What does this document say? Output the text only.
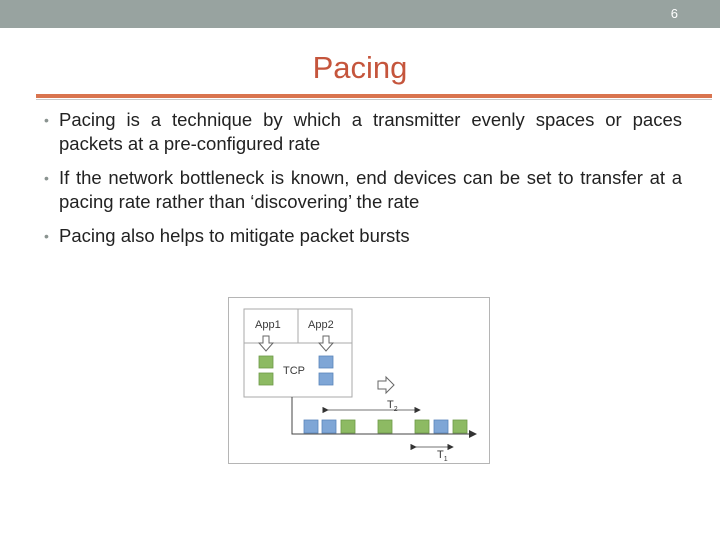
6
Pacing
• Pacing is a technique by which a transmitter evenly spaces or paces packets at a pre-configured rate
• If the network bottleneck is known, end devices can be set to transfer at a pacing rate rather than ‘discovering’ the rate
• Pacing also helps to mitigate packet bursts
App1 App2
TCP
$T_2$
$T_1$
